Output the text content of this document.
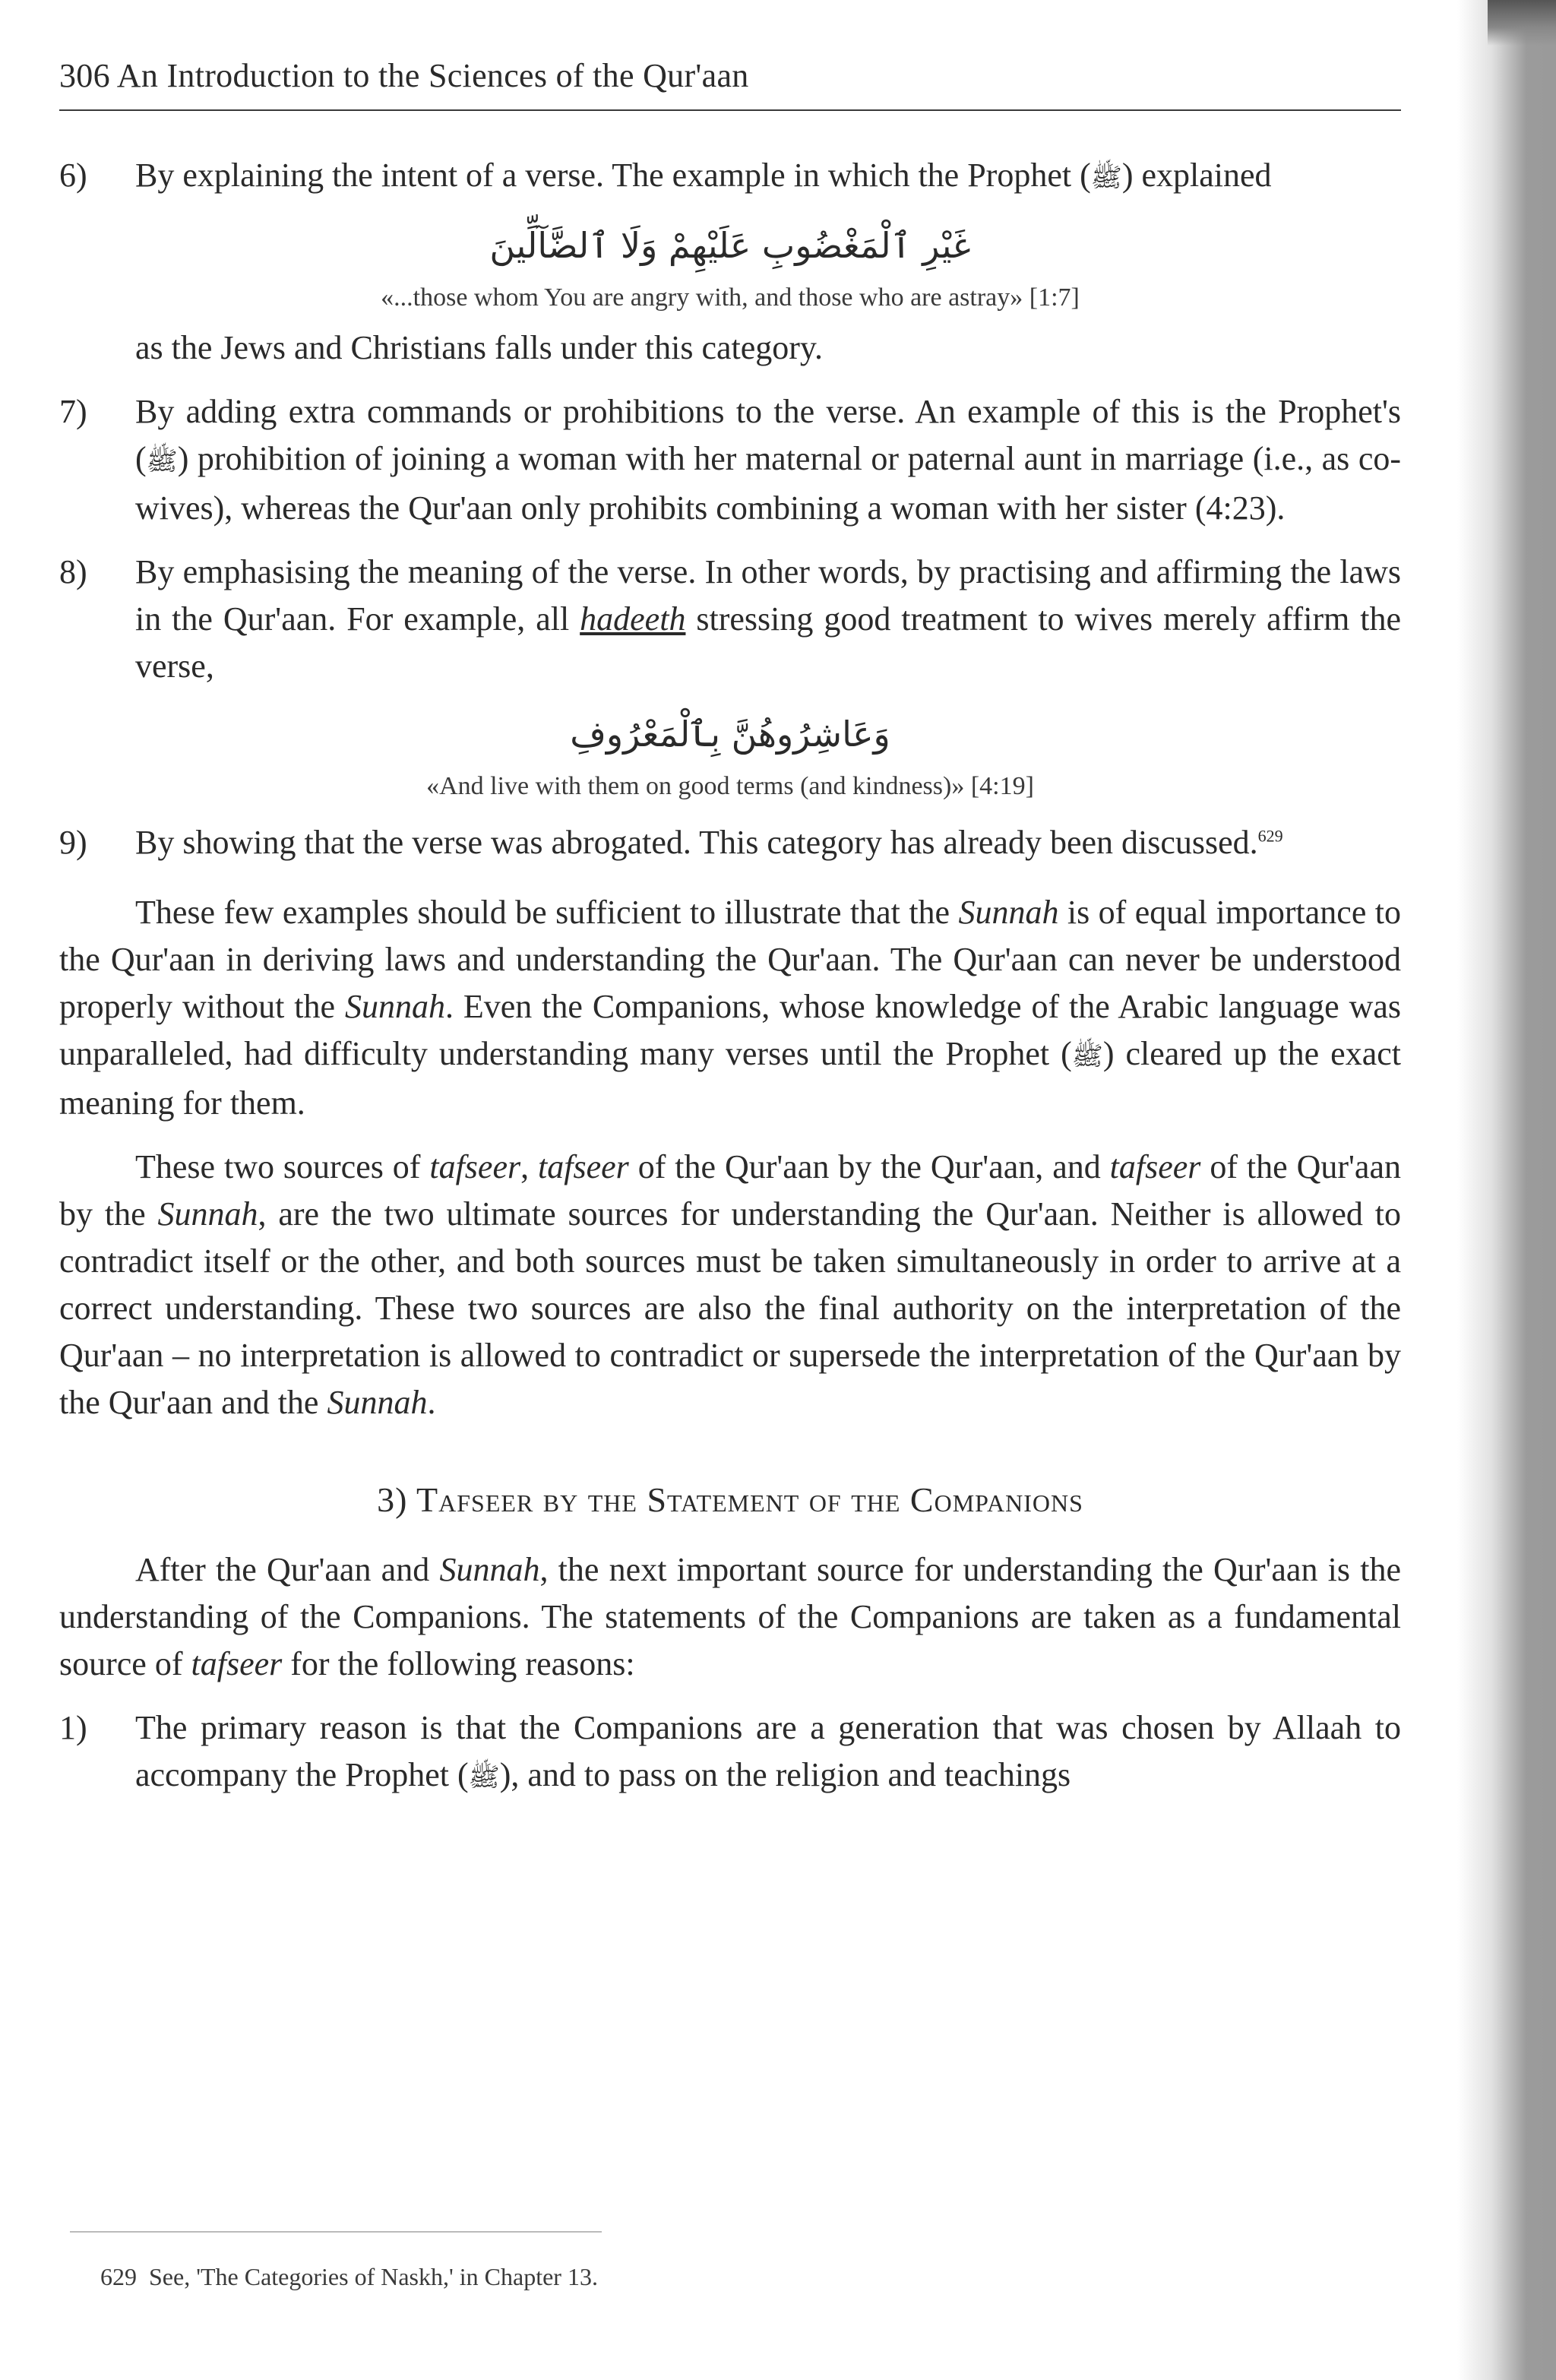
306 An Introduction to the Sciences of the Qur'aan
6)	By explaining the intent of a verse. The example in which the Prophet (ﷺ) explained
غَيْرِ ٱلْمَغْضُوبِ عَلَيْهِمْ وَلَا ٱلضَّآلِّينَ
«...those whom You are angry with, and those who are astray» [1:7]
as the Jews and Christians falls under this category.
7)	By adding extra commands or prohibitions to the verse. An example of this is the Prophet's (ﷺ) prohibition of joining a woman with her maternal or paternal aunt in marriage (i.e., as co-wives), whereas the Qur'aan only prohibits combining a woman with her sister (4:23).
8)	By emphasising the meaning of the verse. In other words, by practising and affirming the laws in the Qur'aan. For example, all hadeeth stressing good treatment to wives merely affirm the verse,
وَعَاشِرُوهُنَّ بِٱلْمَعْرُوفِ
«And live with them on good terms (and kindness)» [4:19]
9)	By showing that the verse was abrogated. This category has already been discussed.$^{629}$

These few examples should be sufficient to illustrate that the Sunnah is of equal importance to the Qur'aan in deriving laws and understanding the Qur'aan. The Qur'aan can never be understood properly without the Sunnah. Even the Companions, whose knowledge of the Arabic language was unparalleled, had difficulty understanding many verses until the Prophet (ﷺ) cleared up the exact meaning for them.

These two sources of tafseer, tafseer of the Qur'aan by the Qur'aan, and tafseer of the Qur'aan by the Sunnah, are the two ultimate sources for understanding the Qur'aan. Neither is allowed to contradict itself or the other, and both sources must be taken simultaneously in order to arrive at a correct understanding. These two sources are also the final authority on the interpretation of the Qur'aan – no interpretation is allowed to contradict or supersede the interpretation of the Qur'aan by the Qur'aan and the Sunnah.

3) Tafseer by the Statement of the Companions

After the Qur'aan and Sunnah, the next important source for understanding the Qur'aan is the understanding of the Companions. The statements of the Companions are taken as a fundamental source of tafseer for the following reasons:

1)	The primary reason is that the Companions are a generation that was chosen by Allaah to accompany the Prophet (ﷺ), and to pass on the religion and teachings
629 See, 'The Categories of Naskh,' in Chapter 13.
